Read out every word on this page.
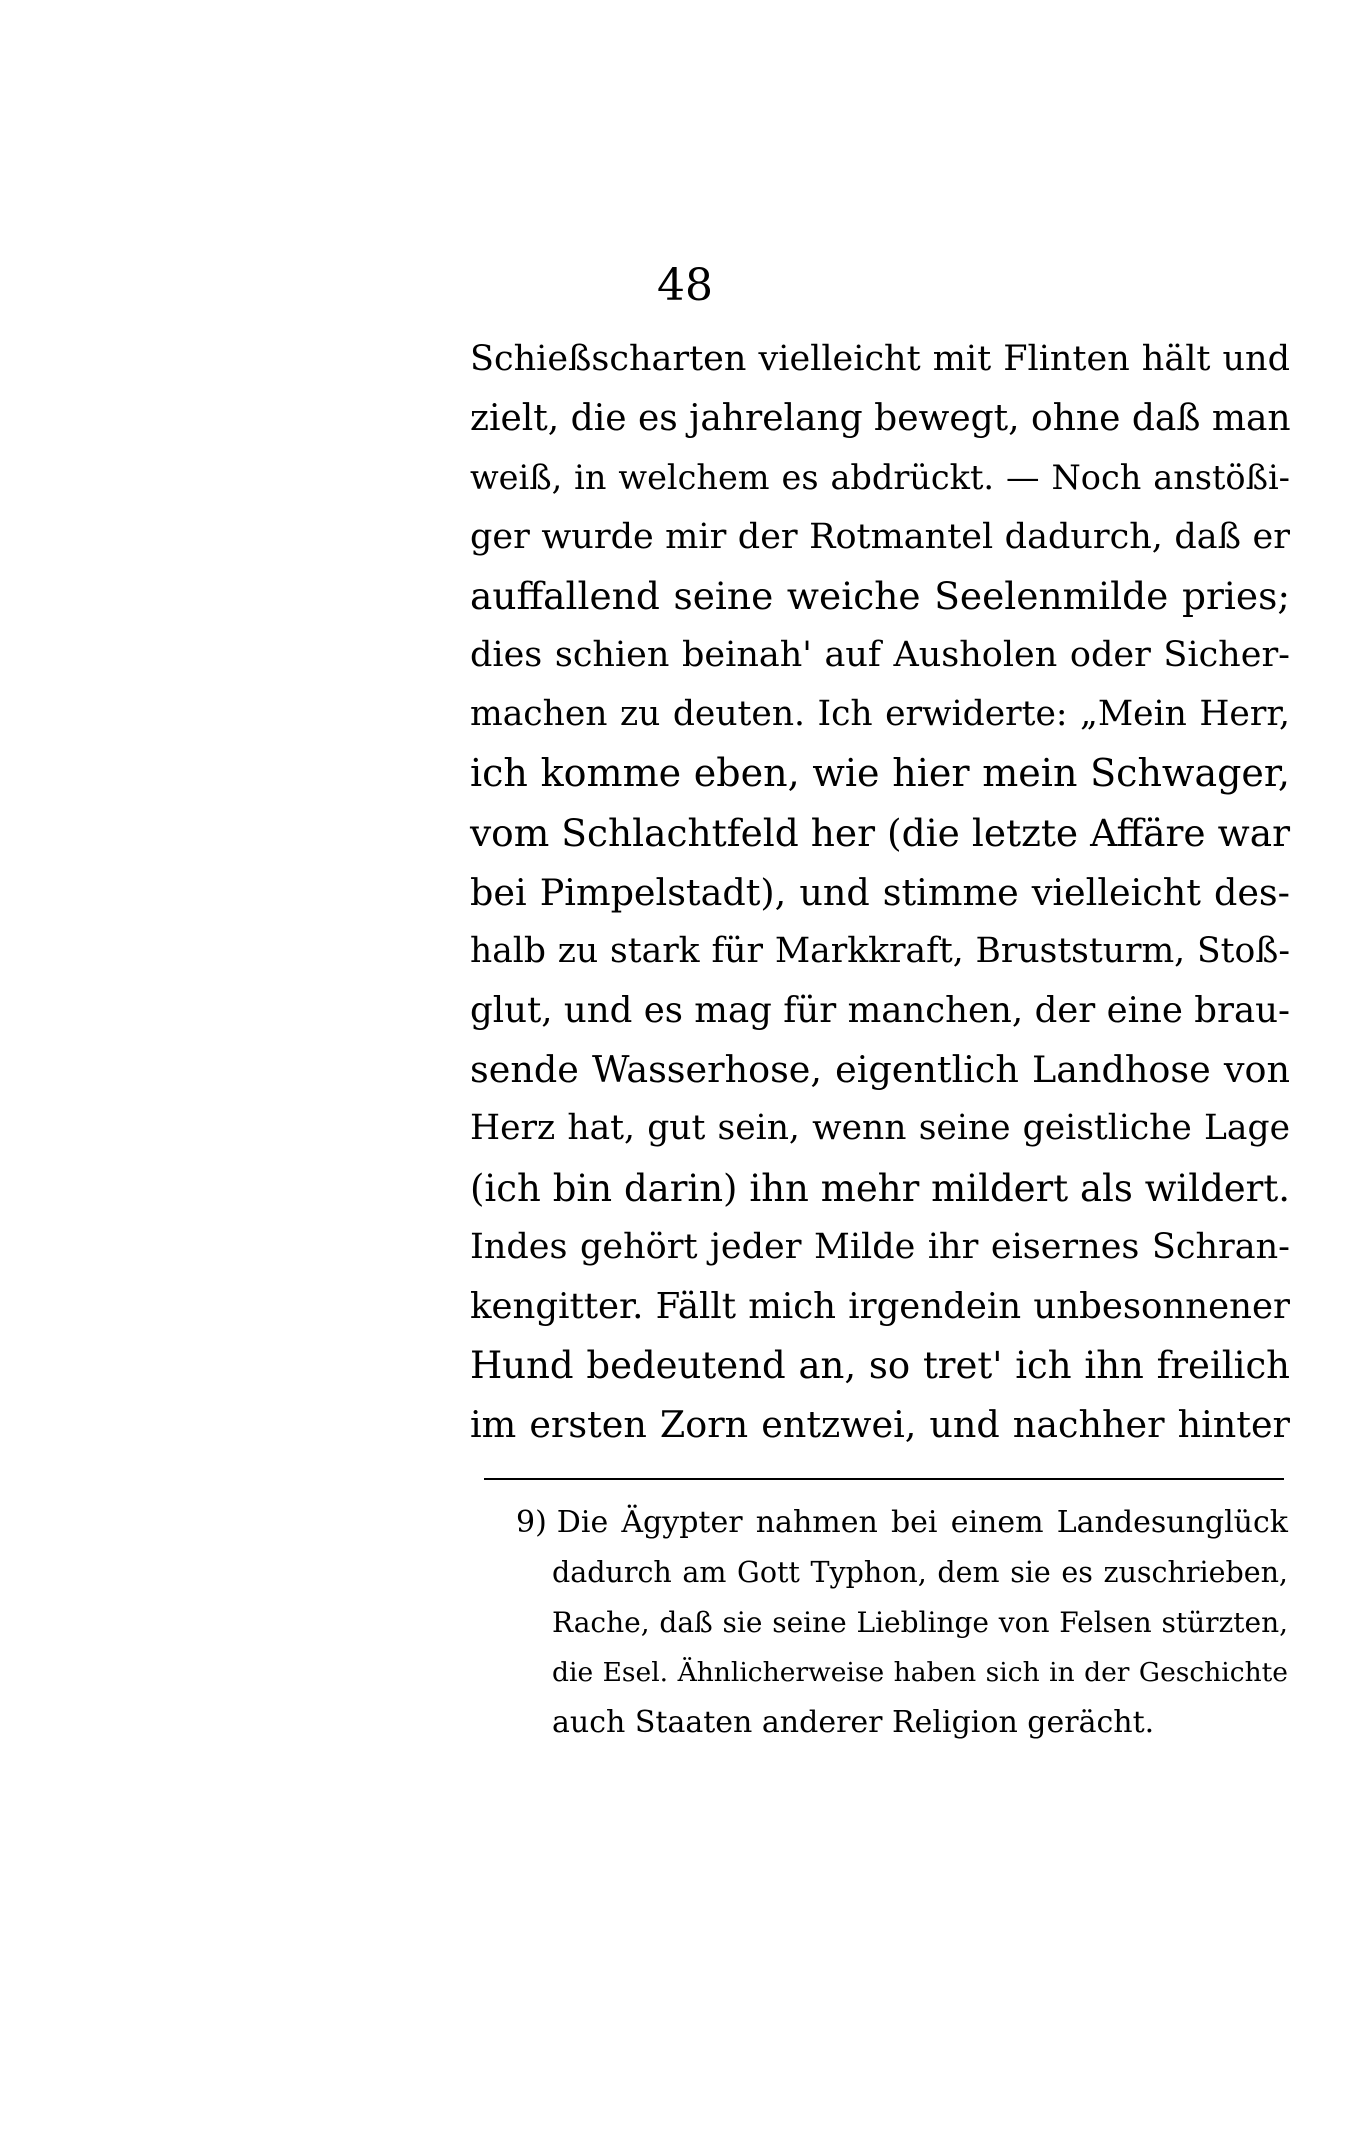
48
Schießscharten vielleicht mit Flinten hält und
zielt, die es jahrelang bewegt, ohne daß man
weiß, in welchem es abdrückt. — Noch anstößi-
ger wurde mir der Rotmantel dadurch, daß er
auffallend seine weiche Seelenmilde pries;
dies schien beinah' auf Ausholen oder Sicher-
machen zu deuten. Ich erwiderte: „Mein Herr,
ich komme eben, wie hier mein Schwager,
vom Schlachtfeld her (die letzte Affäre war
bei Pimpelstadt), und stimme vielleicht des-
halb zu stark für Markkraft, Bruststurm, Stoß-
glut, und es mag für manchen, der eine brau-
sende Wasserhose, eigentlich Landhose von
Herz hat, gut sein, wenn seine geistliche Lage
(ich bin darin) ihn mehr mildert als wildert.
Indes gehört jeder Milde ihr eisernes Schran-
kengitter. Fällt mich irgendein unbesonnener
Hund bedeutend an, so tret' ich ihn freilich
im ersten Zorn entzwei, und nachher hinter
9) Die Ägypter nahmen bei einem Landesunglück
dadurch am Gott Typhon, dem sie es zuschrieben,
Rache, daß sie seine Lieblinge von Felsen stürzten,
die Esel. Ähnlicherweise haben sich in der Geschichte
auch Staaten anderer Religion gerächt.
